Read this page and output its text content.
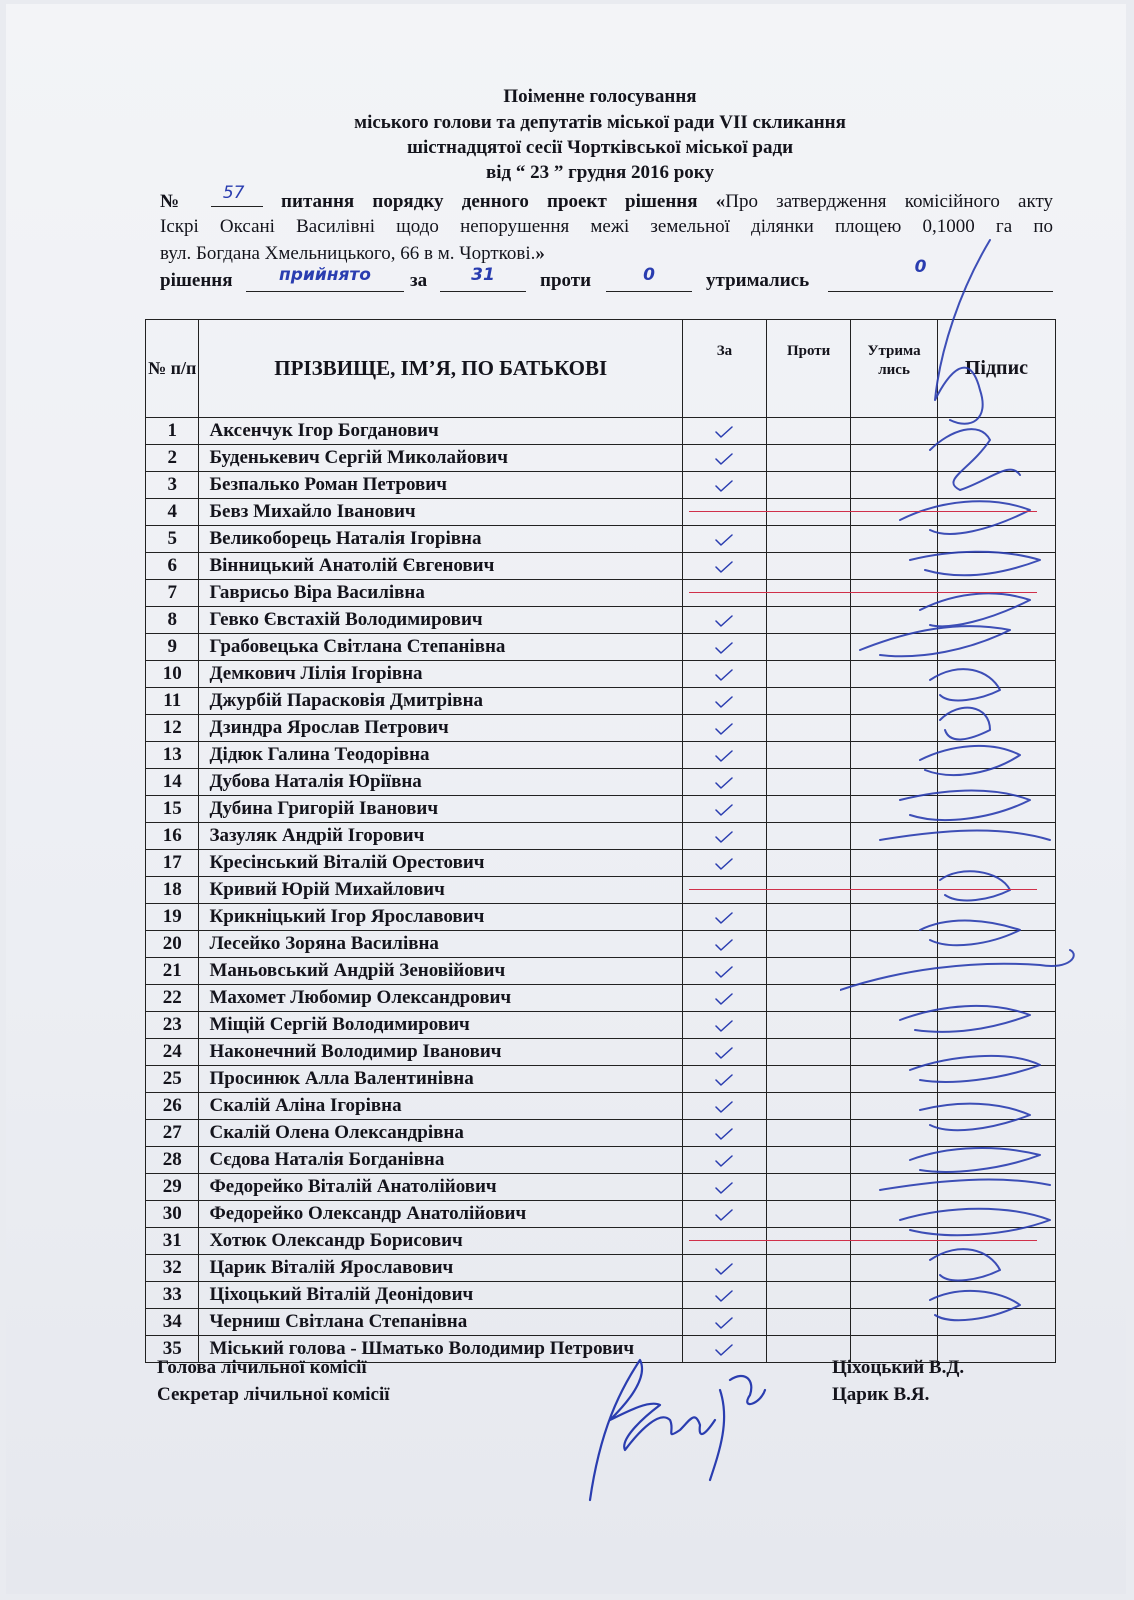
Поіменне голосування
міського голови та депутатів міської ради VII скликання
шістнадцятої сесії Чортківської міської ради
від “ 23 ” грудня 2016 року
№ 57 питання порядку денного проект рішення «Про затвердження комісійного акту
Іскрі Оксані Василівні щодо непорушення межі земельної ділянки площею 0,1000 га по
вул. Богдана Хмельницького, 66 в м. Чорткові.»
рішення	прийнято	за	31	проти	0	утримались
0
№ п/п	ПРІЗВИЩЕ, ІМ’Я, ПО БАТЬКОВІ	За	Проти	Утрима лись	Підпис
1	Аксенчук Ігор Богданович	

2	Буденькевич Сергій Миколайович	

3	Безпалько Роман Петрович	

4	Бевз Михайло Іванович				
5	Великоборець Наталія Ігорівна	

6	Вінницький Анатолій Євгенович	

7	Гаврисьо Віра Василівна				
8	Гевко Євстахій Володимирович	

9	Грабовецька Світлана Степанівна	

10	Демкович Лілія Ігорівна	

11	Джурбій Парасковія Дмитрівна	

12	Дзиндра Ярослав Петрович	

13	Дідюк Галина Теодорівна	

14	Дубова Наталія Юріївна	

15	Дубина Григорій Іванович	

16	Зазуляк Андрій Ігорович	

17	Кресінський Віталій Орестович	

18	Кривий Юрій Михайлович				
19	Крикніцький Ігор Ярославович	

20	Лесейко Зоряна Василівна	

21	Маньовський Андрій Зеновійович	

22	Махомет Любомир Олександрович	

23	Міщій Сергій Володимирович	

24	Наконечний Володимир Іванович	

25	Просинюк Алла Валентинівна	

26	Скалій Аліна Ігорівна	

27	Скалій Олена Олександрівна	

28	Сєдова Наталія Богданівна	

29	Федорейко Віталій Анатолійович	

30	Федорейко Олександр Анатолійович	

31	Хотюк Олександр Борисович				
32	Царик Віталій Ярославович	

33	Ціхоцький Віталій Деонідович	

34	Черниш Світлана Степанівна	

35	Міський голова - Шматько Володимир Петрович	

Голова лічильної комісії	Ціхоцький В.Д.
Секретар лічильної комісії	Царик В.Я.
